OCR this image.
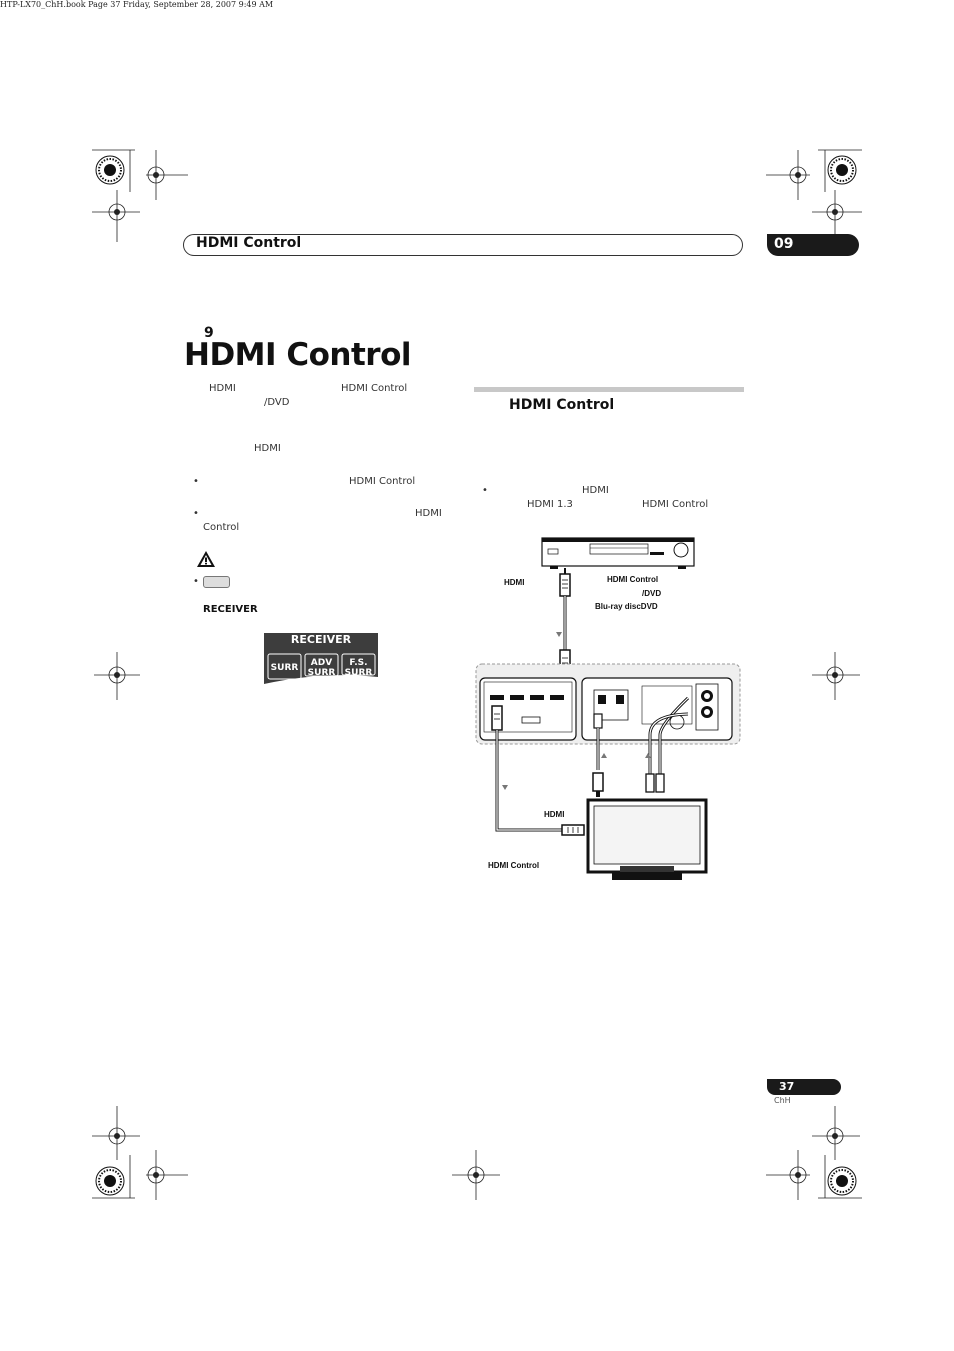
HTP-LX70_ChH.book Page 37 Friday, September 28, 2007 9:49 AM
HDMI Control	09
9
HDMI Control
HDMI	HDMI Control
/DVD
HDMI
•	HDMI Control
•	HDMI
Control
•
RECEIVER
RECEIVER
SURR	ADV
SURR
F.S.
SURR
HDMI Control
•	HDMI
HDMI 1.3	HDMI Control
HDMI	HDMI Control
/DVD
Blu-ray discDVD
HDMI
HDMI Control
37
ChH
